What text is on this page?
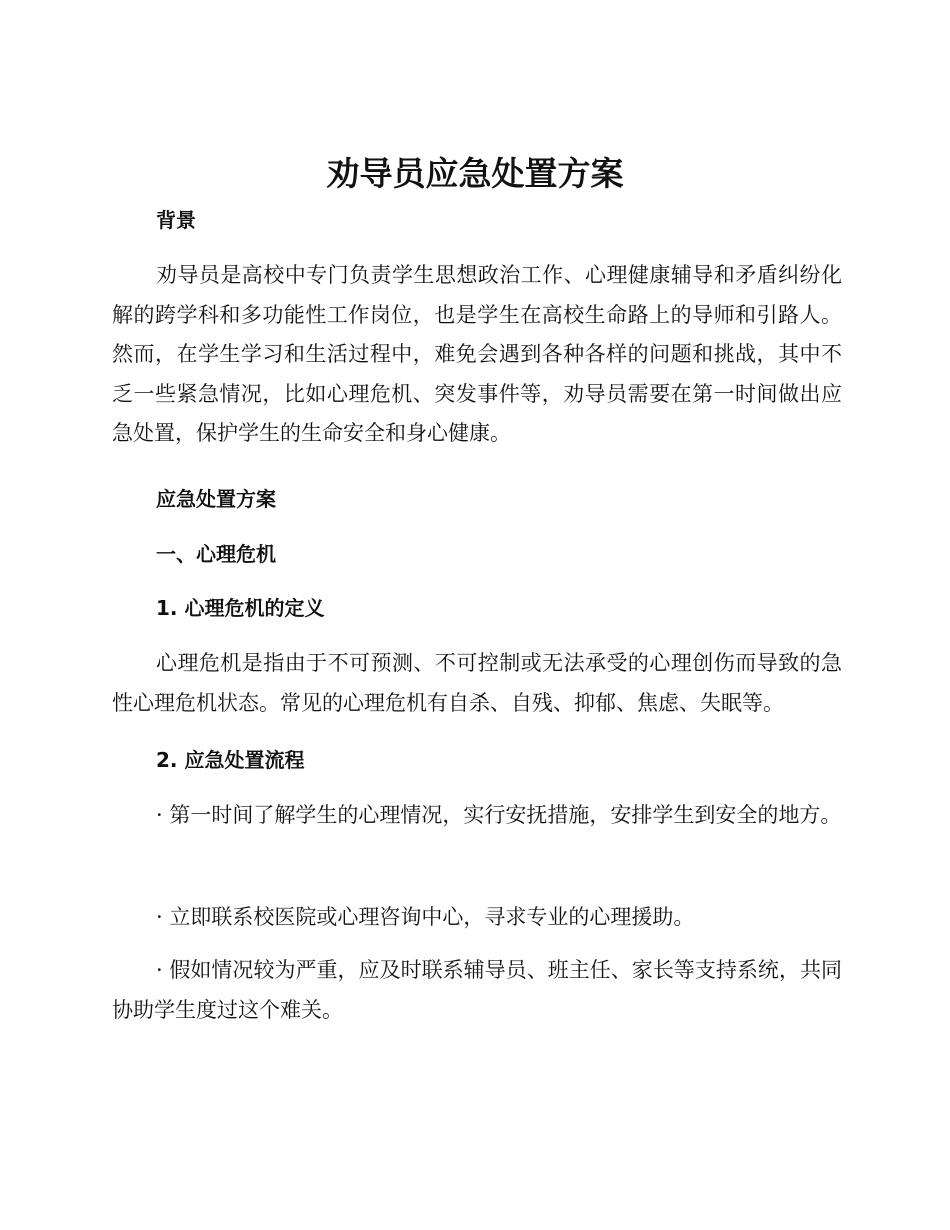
劝导员应急处置方案
背景

劝导员是高校中专门负责学生思想政治工作、心理健康辅导和矛盾纠纷化解的跨学科和多功能性工作岗位，也是学生在高校生命路上的导师和引路人。然而，在学生学习和生活过程中，难免会遇到各种各样的问题和挑战，其中不乏一些紧急情况，比如心理危机、突发事件等，劝导员需要在第一时间做出应急处置，保护学生的生命安全和身心健康。

应急处置方案
一、心理危机
1. 心理危机的定义

心理危机是指由于不可预测、不可控制或无法承受的心理创伤而导致的急性心理危机状态。常见的心理危机有自杀、自残、抑郁、焦虑、失眠等。

2. 应急处置流程

· 第一时间了解学生的心理情况，实行安抚措施，安排学生到安全的地方。

· 立即联系校医院或心理咨询中心，寻求专业的心理援助。

· 假如情况较为严重，应及时联系辅导员、班主任、家长等支持系统，共同协助学生度过这个难关。
